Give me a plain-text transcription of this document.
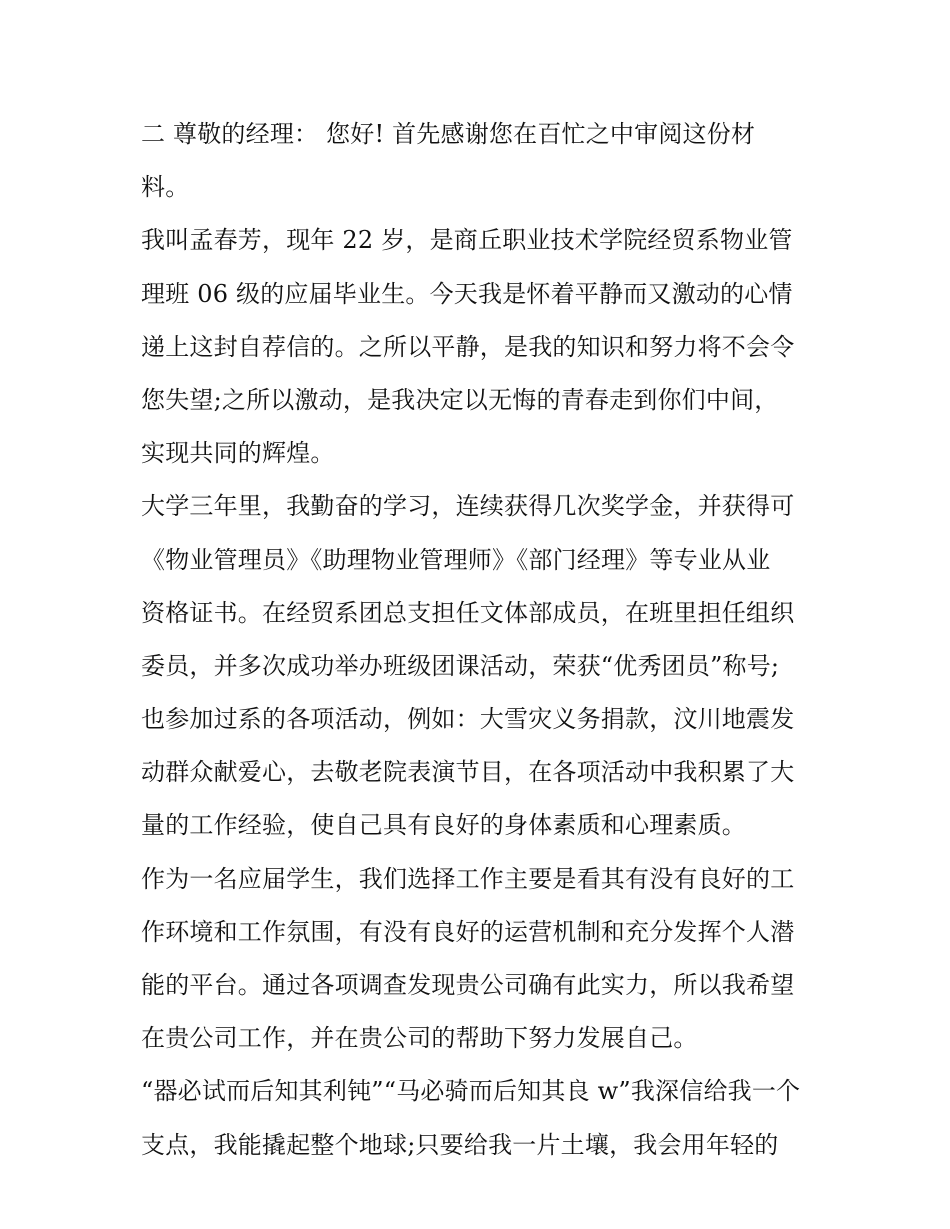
二 尊敬的经理： 您好! 首先感谢您在百忙之中审阅这份材
料。
我叫孟春芳，现年 22 岁，是商丘职业技术学院经贸系物业管
理班 06 级的应届毕业生。今天我是怀着平静而又激动的心情
递上这封自荐信的。之所以平静，是我的知识和努力将不会令
您失望;之所以激动，是我决定以无悔的青春走到你们中间，
实现共同的辉煌。
大学三年里，我勤奋的学习，连续获得几次奖学金，并获得可
《物业管理员》《助理物业管理师》《部门经理》等专业从业
资格证书。在经贸系团总支担任文体部成员，在班里担任组织
委员，并多次成功举办班级团课活动，荣获“优秀团员”称号;
也参加过系的各项活动，例如：大雪灾义务捐款，汶川地震发
动群众献爱心，去敬老院表演节目，在各项活动中我积累了大
量的工作经验，使自己具有良好的身体素质和心理素质。
作为一名应届学生，我们选择工作主要是看其有没有良好的工
作环境和工作氛围，有没有良好的运营机制和充分发挥个人潜
能的平台。通过各项调查发现贵公司确有此实力，所以我希望
在贵公司工作，并在贵公司的帮助下努力发展自己。
“器必试而后知其利钝”“马必骑而后知其良 w”我深信给我一个
支点，我能撬起整个地球;只要给我一片土壤，我会用年轻的
